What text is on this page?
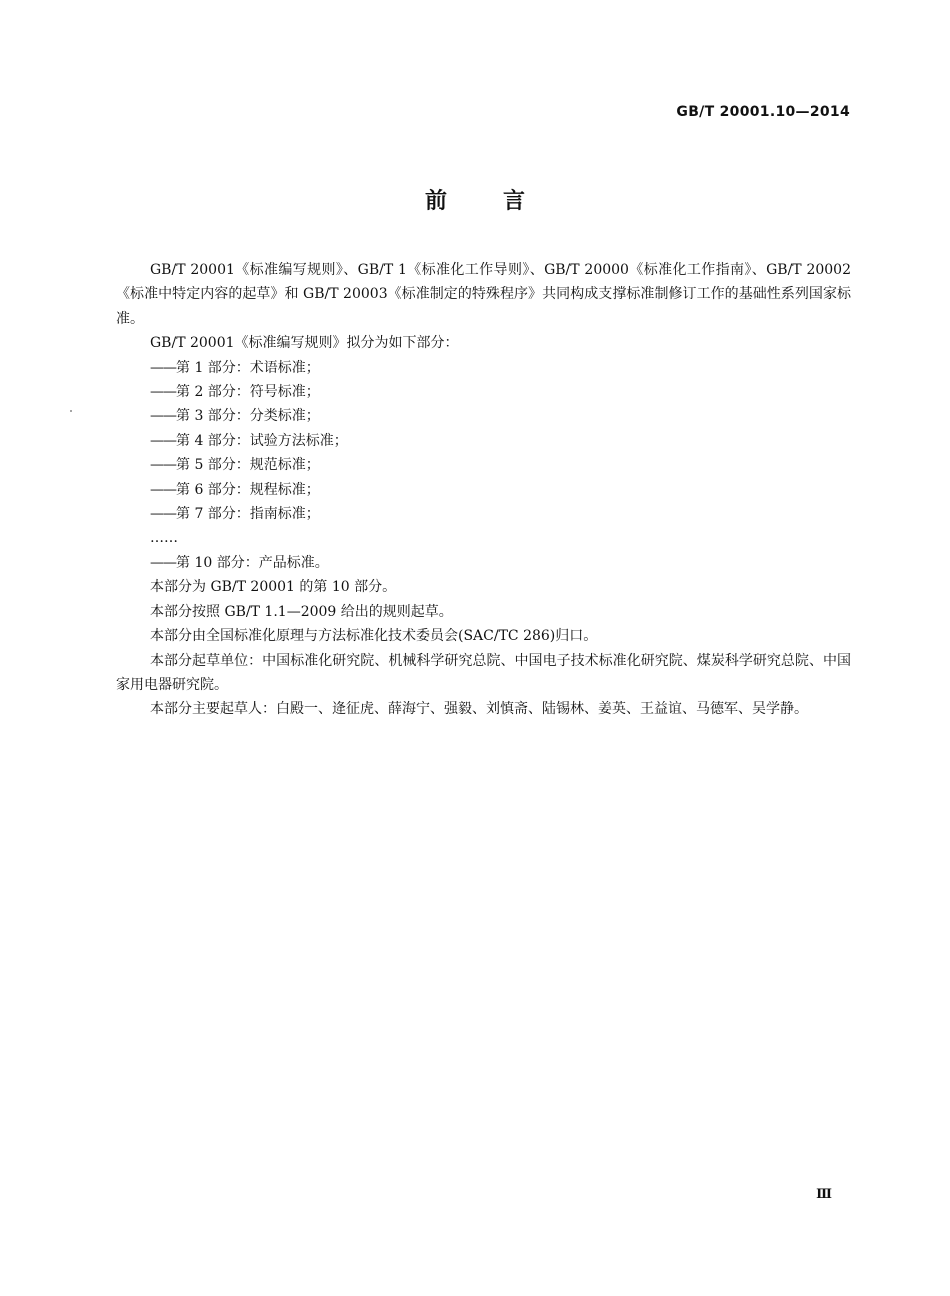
GB/T 20001.10—2014
前	言

GB/T 20001《标准编写规则》、GB/T 1《标准化工作导则》、GB/T 20000《标准化工作指南》、GB/T 20002《标准中特定内容的起草》和 GB/T 20003《标准制定的特殊程序》共同构成支撑标准制修订工作的基础性系列国家标准。

GB/T 20001《标准编写规则》拟分为如下部分：

——第 1 部分：术语标准；
——第 2 部分：符号标准；
——第 3 部分：分类标准；
——第 4 部分：试验方法标准；
——第 5 部分：规范标准；
——第 6 部分：规程标准；
——第 7 部分：指南标准；
……
——第 10 部分：产品标准。

本部分为 GB/T 20001 的第 10 部分。

本部分按照 GB/T 1.1—2009 给出的规则起草。

本部分由全国标准化原理与方法标准化技术委员会(SAC/TC 286)归口。

本部分起草单位：中国标准化研究院、机械科学研究总院、中国电子技术标准化研究院、煤炭科学研究总院、中国家用电器研究院。

本部分主要起草人：白殿一、逄征虎、薛海宁、强毅、刘慎斋、陆锡林、姜英、王益谊、马德军、吴学静。

Ⅲ
